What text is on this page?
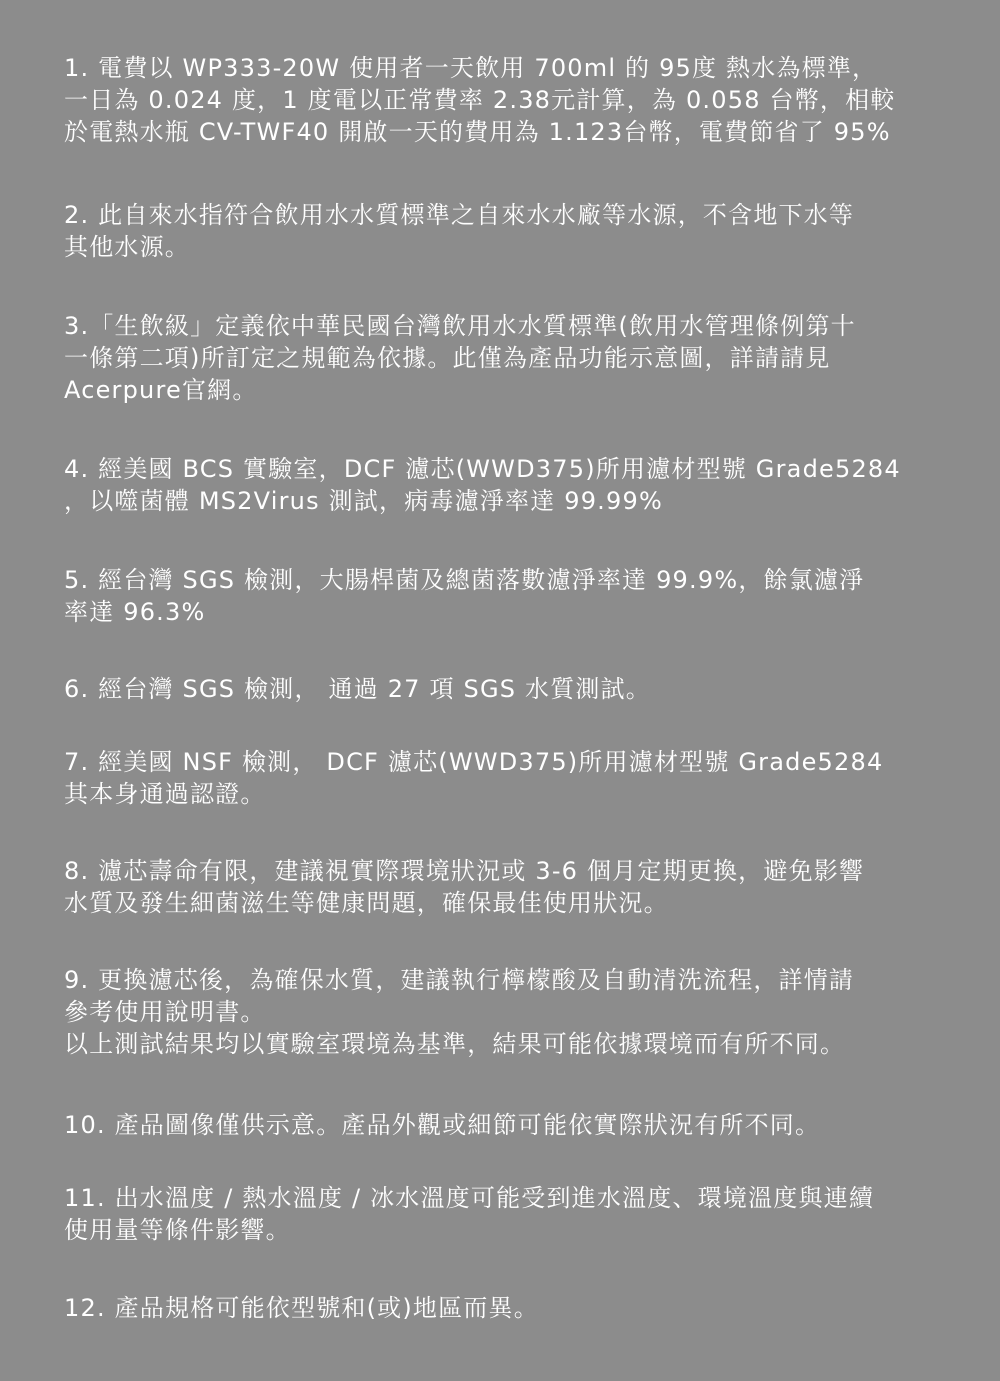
1. 電費以 WP333-20W 使用者一天飲用 700ml 的 95度 熱水為標準，
一日為 0.024 度，1 度電以正常費率 2.38元計算，為 0.058 台幣，相較
於電熱水瓶 CV-TWF40 開啟一天的費用為 1.123台幣，電費節省了 95%
2. 此自來水指符合飲用水水質標準之自來水水廠等水源，不含地下水等
其他水源。
3.「生飲級」定義依中華民國台灣飲用水水質標準(飲用水管理條例第十
一條第二項)所訂定之規範為依據。此僅為產品功能示意圖，詳請請見
Acerpure官網。
4. 經美國 BCS 實驗室，DCF 濾芯(WWD375)所用濾材型號 Grade5284
，以噬菌體 MS2Virus 測試，病毒濾淨率達 99.99%
5. 經台灣 SGS 檢測，大腸桿菌及總菌落數濾淨率達 99.9%，餘氯濾淨
率達 96.3%
6. 經台灣 SGS 檢測， 通過 27 項 SGS 水質測試。
7. 經美國 NSF 檢測， DCF 濾芯(WWD375)所用濾材型號 Grade5284
其本身通過認證。
8. 濾芯壽命有限，建議視實際環境狀況或 3-6 個月定期更換，避免影響
水質及發生細菌滋生等健康問題，確保最佳使用狀況。
9. 更換濾芯後，為確保水質，建議執行檸檬酸及自動清洗流程，詳情請
參考使用說明書。
以上測試結果均以實驗室環境為基準，結果可能依據環境而有所不同。
10. 產品圖像僅供示意。產品外觀或細節可能依實際狀況有所不同。
11. 出水溫度 / 熱水溫度 / 冰水溫度可能受到進水溫度、環境溫度與連續
使用量等條件影響。
12. 產品規格可能依型號和(或)地區而異。
